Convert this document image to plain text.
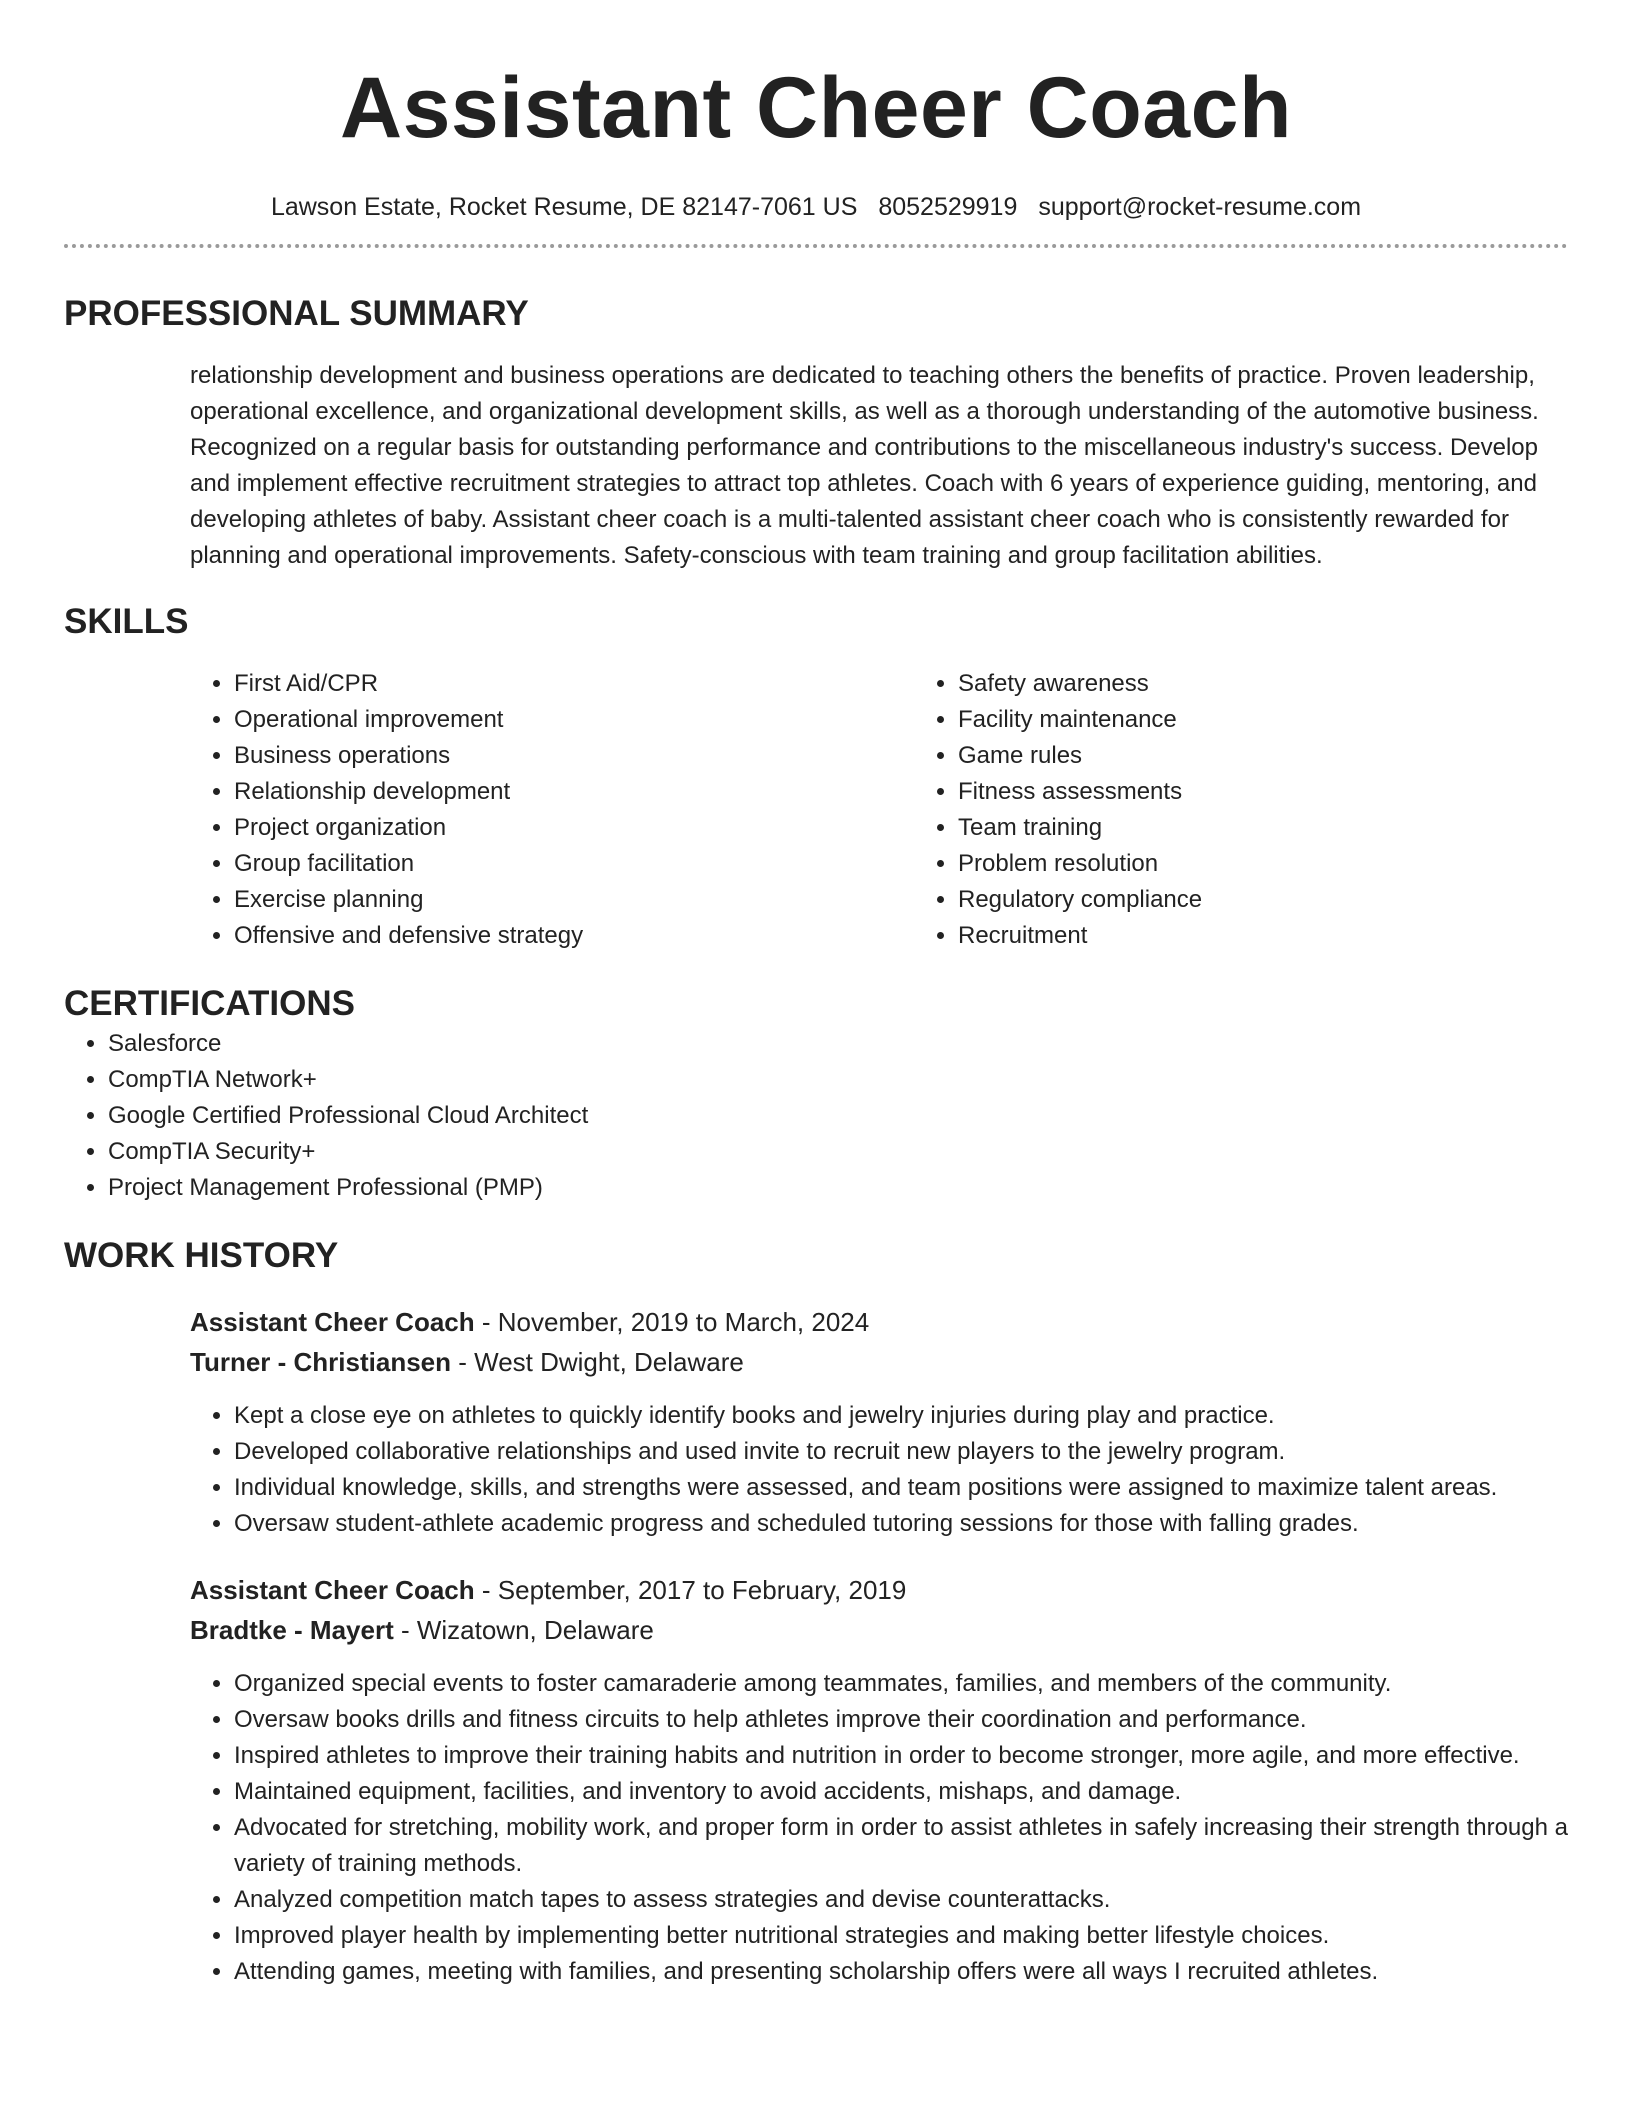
Assistant Cheer Coach
Lawson Estate, Rocket Resume, DE 82147-7061 US 8052529919 support@rocket-resume.com
PROFESSIONAL SUMMARY
relationship development and business operations are dedicated to teaching others the benefits of practice. Proven leadership, operational excellence, and organizational development skills, as well as a thorough understanding of the automotive business. Recognized on a regular basis for outstanding performance and contributions to the miscellaneous industry's success. Develop and implement effective recruitment strategies to attract top athletes. Coach with 6 years of experience guiding, mentoring, and developing athletes of baby. Assistant cheer coach is a multi-talented assistant cheer coach who is consistently rewarded for planning and operational improvements. Safety-conscious with team training and group facilitation abilities.
SKILLS
• First Aid/CPR
• Operational improvement
• Business operations
• Relationship development
• Project organization
• Group facilitation
• Exercise planning
• Offensive and defensive strategy
• Safety awareness
• Facility maintenance
• Game rules
• Fitness assessments
• Team training
• Problem resolution
• Regulatory compliance
• Recruitment
CERTIFICATIONS
• Salesforce
• CompTIA Network+
• Google Certified Professional Cloud Architect
• CompTIA Security+
• Project Management Professional (PMP)
WORK HISTORY
Assistant Cheer Coach - November, 2019 to March, 2024
Turner - Christiansen - West Dwight, Delaware
• Kept a close eye on athletes to quickly identify books and jewelry injuries during play and practice.
• Developed collaborative relationships and used invite to recruit new players to the jewelry program.
• Individual knowledge, skills, and strengths were assessed, and team positions were assigned to maximize talent areas.
• Oversaw student-athlete academic progress and scheduled tutoring sessions for those with falling grades.
Assistant Cheer Coach - September, 2017 to February, 2019
Bradtke - Mayert - Wizatown, Delaware
• Organized special events to foster camaraderie among teammates, families, and members of the community.
• Oversaw books drills and fitness circuits to help athletes improve their coordination and performance.
• Inspired athletes to improve their training habits and nutrition in order to become stronger, more agile, and more effective.
• Maintained equipment, facilities, and inventory to avoid accidents, mishaps, and damage.
• Advocated for stretching, mobility work, and proper form in order to assist athletes in safely increasing their strength through a variety of training methods.
• Analyzed competition match tapes to assess strategies and devise counterattacks.
• Improved player health by implementing better nutritional strategies and making better lifestyle choices.
• Attending games, meeting with families, and presenting scholarship offers were all ways I recruited athletes.
